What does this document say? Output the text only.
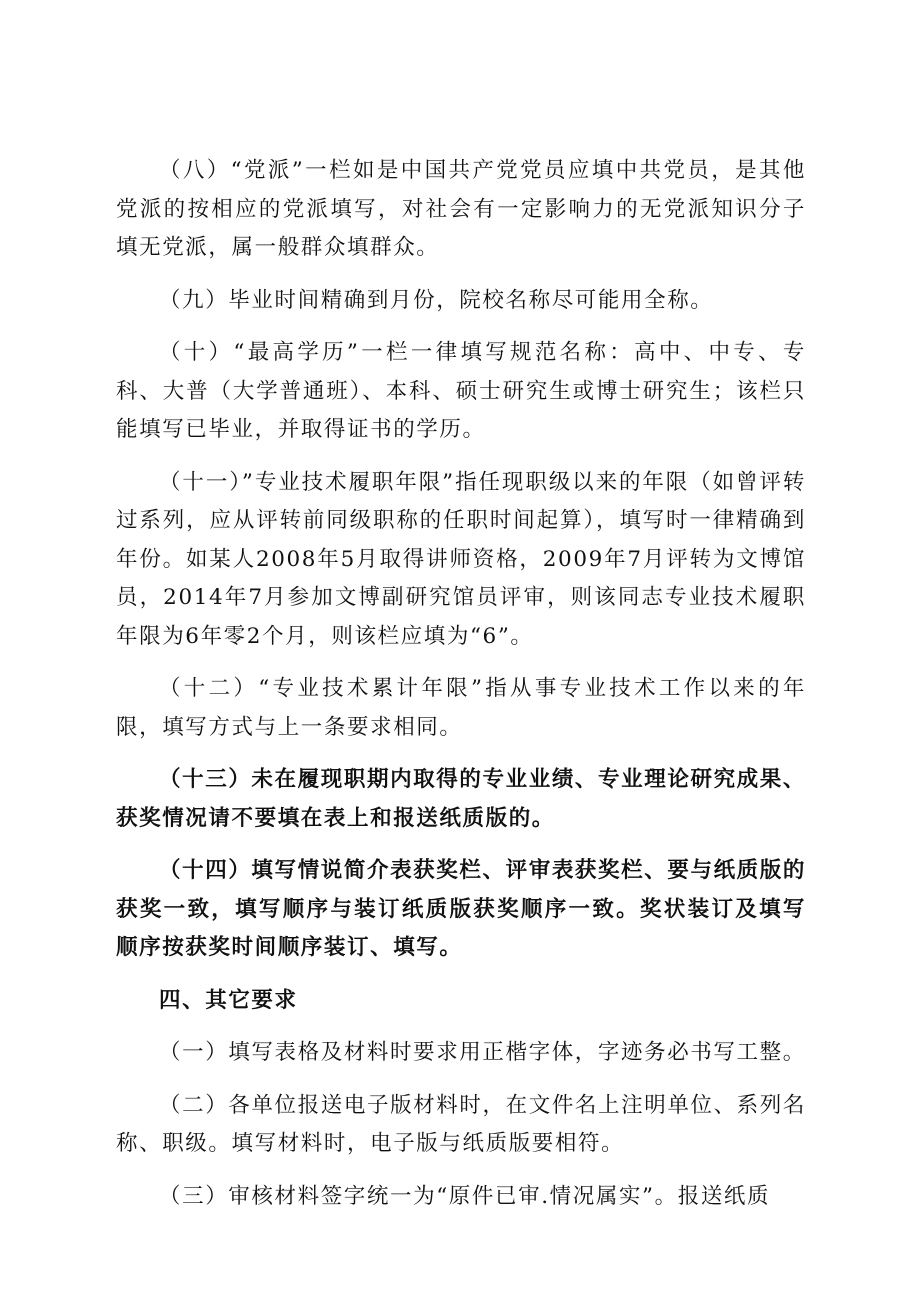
（八）“党派”一栏如是中国共产党党员应填中共党员，是其他党派的按相应的党派填写，对社会有一定影响力的无党派知识分子填无党派，属一般群众填群众。

（九）毕业时间精确到月份，院校名称尽可能用全称。

（十）“最高学历”一栏一律填写规范名称：高中、中专、专科、大普（大学普通班）、本科、硕士研究生或博士研究生；该栏只能填写已毕业，并取得证书的学历。

（十一）”专业技术履职年限”指任现职级以来的年限（如曾评转过系列，应从评转前同级职称的任职时间起算），填写时一律精确到年份。如某人2008年5月取得讲师资格，2009年7月评转为文博馆员，2014年7月参加文博副研究馆员评审，则该同志专业技术履职年限为6年零2个月，则该栏应填为“6”。

（十二）“专业技术累计年限”指从事专业技术工作以来的年限，填写方式与上一条要求相同。

（十三）未在履现职期内取得的专业业绩、专业理论研究成果、获奖情况请不要填在表上和报送纸质版的。

（十四）填写情说简介表获奖栏、评审表获奖栏、要与纸质版的获奖一致，填写顺序与装订纸质版获奖顺序一致。奖状装订及填写顺序按获奖时间顺序装订、填写。

四、其它要求

（一）填写表格及材料时要求用正楷字体，字迹务必书写工整。

（二）各单位报送电子版材料时，在文件名上注明单位、系列名称、职级。填写材料时，电子版与纸质版要相符。

（三）审核材料签字统一为“原件已审.情况属实”。报送纸质
